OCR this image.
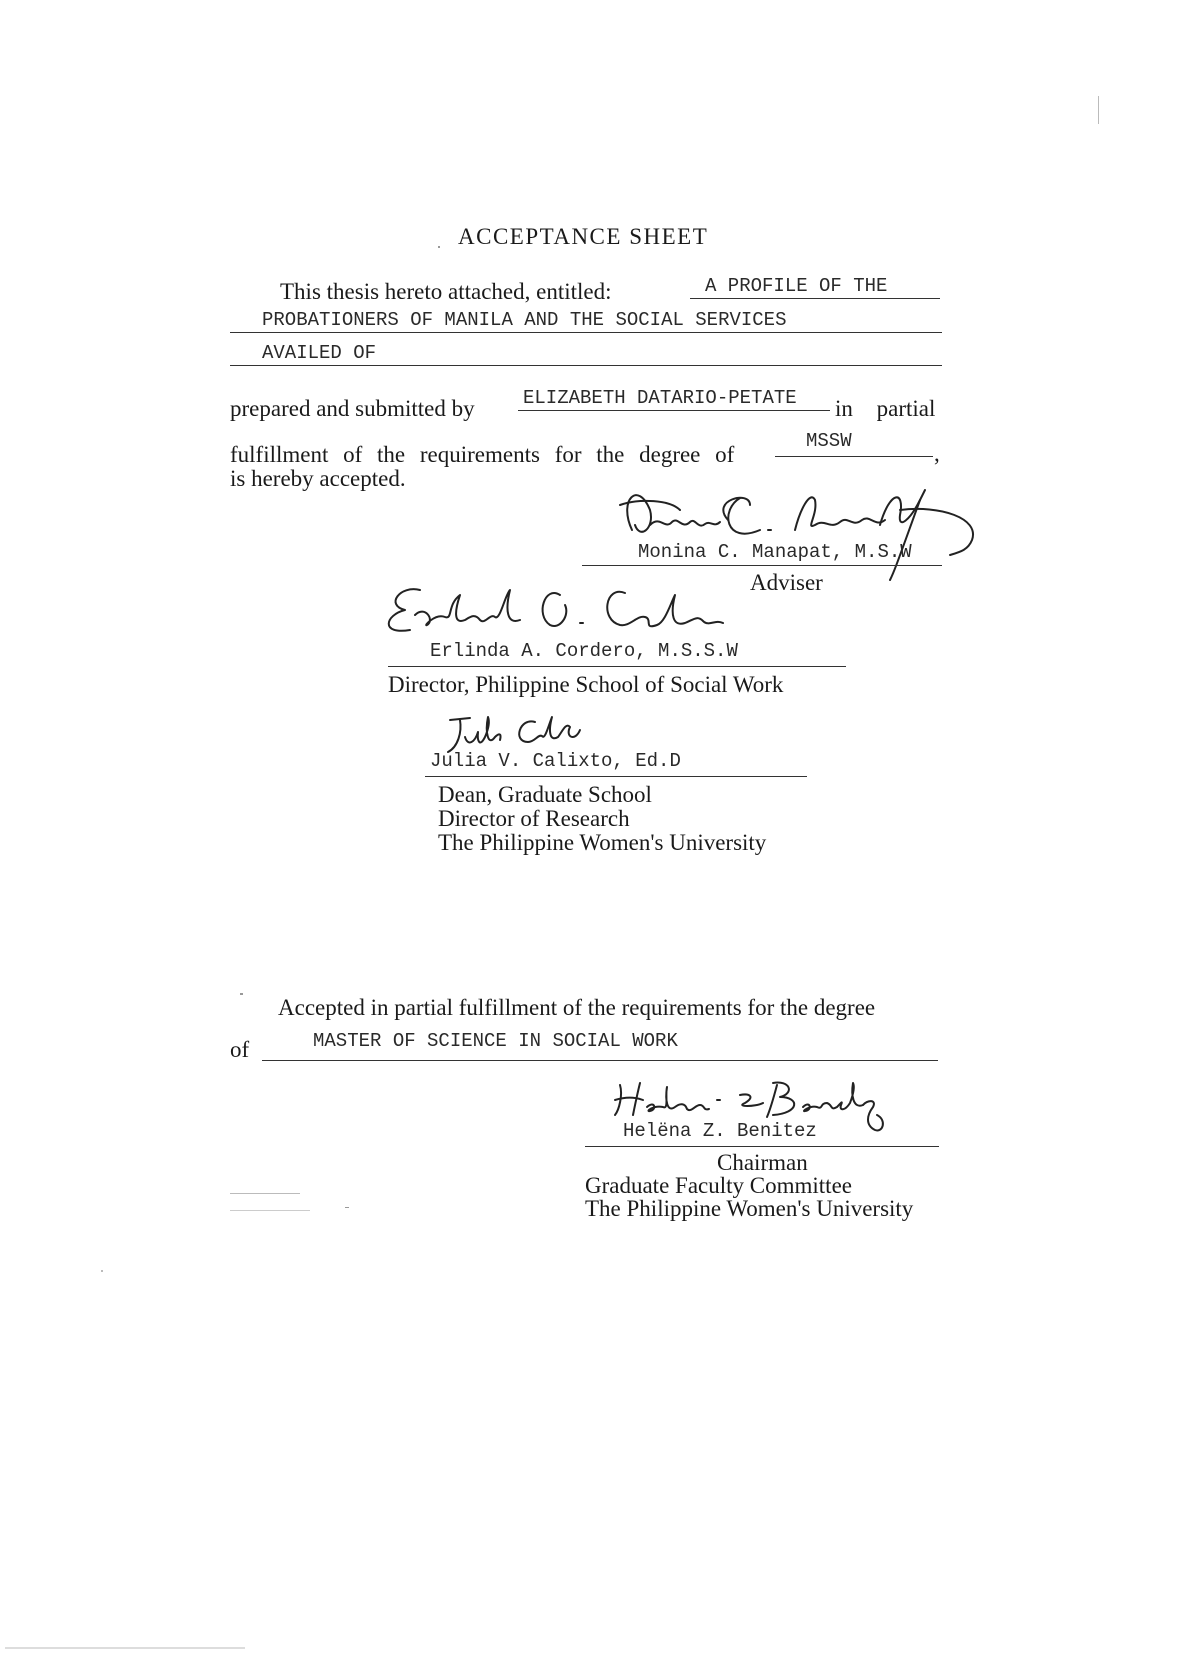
ACCEPTANCE SHEET
This thesis hereto attached, entitled:	A PROFILE OF THE
PROBATIONERS OF MANILA AND THE SOCIAL SERVICES
AVAILED OF
prepared and submitted by	ELIZABETH DATARIO-PETATE in partial
fulfillment of the requirements for the degree of
MSSW	,
is hereby accepted.
Monina C. Manapat, M.S.W
Adviser
Erlinda A. Cordero, M.S.S.W
Director, Philippine School of Social Work
Julia V. Calixto, Ed.D
Dean, Graduate School
Director of Research
The Philippine Women's University
Accepted in partial fulfillment of the requirements for the degree
of	MASTER OF SCIENCE IN SOCIAL WORK
Helëna Z. Benitez
Chairman
Graduate Faculty Committee
The Philippine Women's University
